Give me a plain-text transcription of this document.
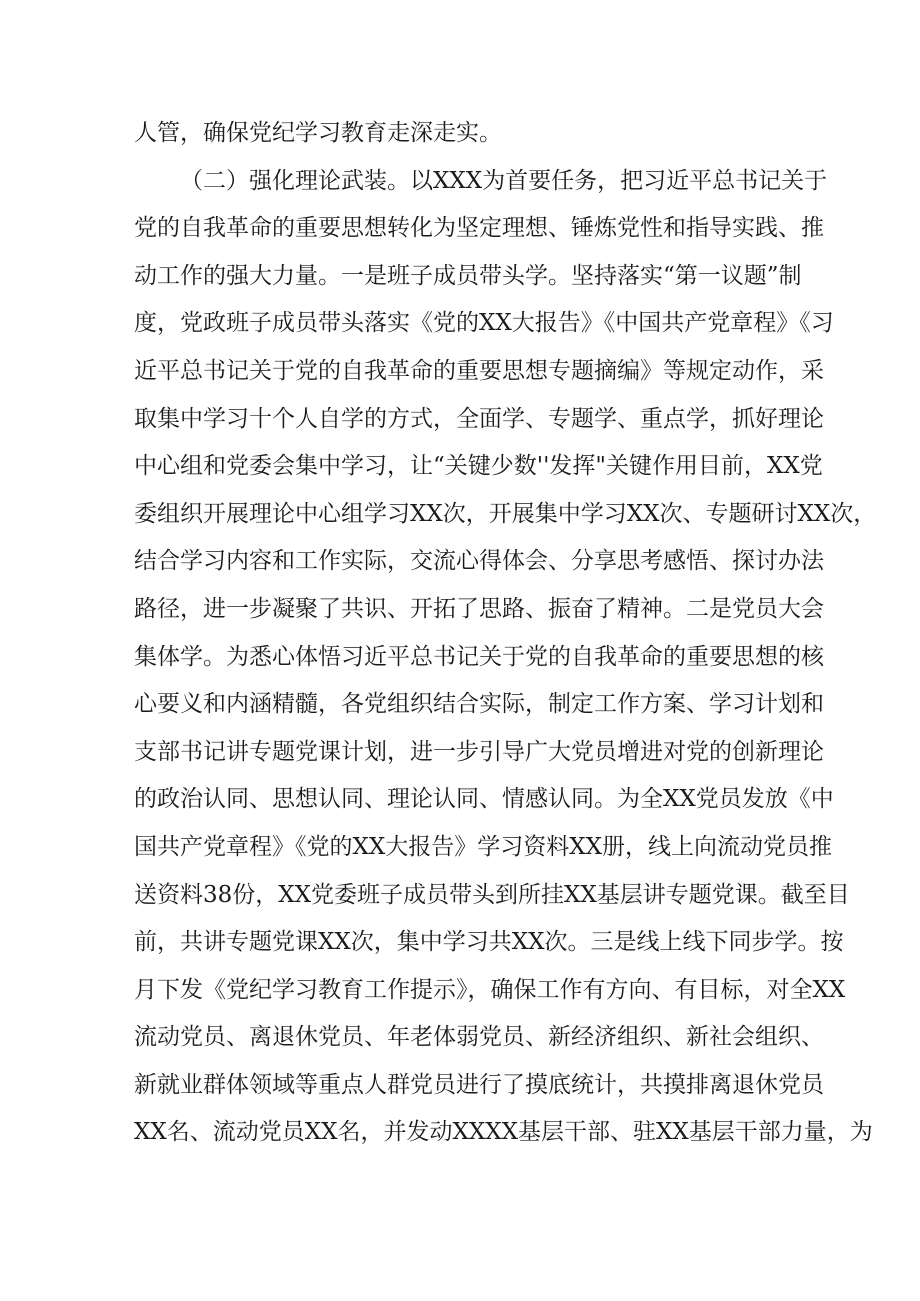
人管，确保党纪学习教育走深走实。
（二）强化理论武装。以XXX为首要任务，把习近平总书记关于
党的自我革命的重要思想转化为坚定理想、锤炼党性和指导实践、推
动工作的强大力量。一是班子成员带头学。坚持落实“第一议题”制
度，党政班子成员带头落实《党的XX大报告》《中国共产党章程》《习
近平总书记关于党的自我革命的重要思想专题摘编》等规定动作，采
取集中学习十个人自学的方式，全面学、专题学、重点学，抓好理论
中心组和党委会集中学习，让“关键少数''发挥"关键作用目前，XX党
委组织开展理论中心组学习XX次，开展集中学习XX次、专题研讨XX次，
结合学习内容和工作实际，交流心得体会、分享思考感悟、探讨办法
路径，进一步凝聚了共识、开拓了思路、振奋了精神。二是党员大会
集体学。为悉心体悟习近平总书记关于党的自我革命的重要思想的核
心要义和内涵精髓，各党组织结合实际，制定工作方案、学习计划和
支部书记讲专题党课计划，进一步引导广大党员增进对党的创新理论
的政治认同、思想认同、理论认同、情感认同。为全XX党员发放《中
国共产党章程》《党的XX大报告》学习资料XX册，线上向流动党员推
送资料38份，XX党委班子成员带头到所挂XX基层讲专题党课。截至目
前，共讲专题党课XX次，集中学习共XX次。三是线上线下同步学。按
月下发《党纪学习教育工作提示》，确保工作有方向、有目标，对全XX
流动党员、离退休党员、年老体弱党员、新经济组织、新社会组织、
新就业群体领域等重点人群党员进行了摸底统计，共摸排离退休党员
XX名、流动党员XX名，并发动XXXX基层干部、驻XX基层干部力量，为
